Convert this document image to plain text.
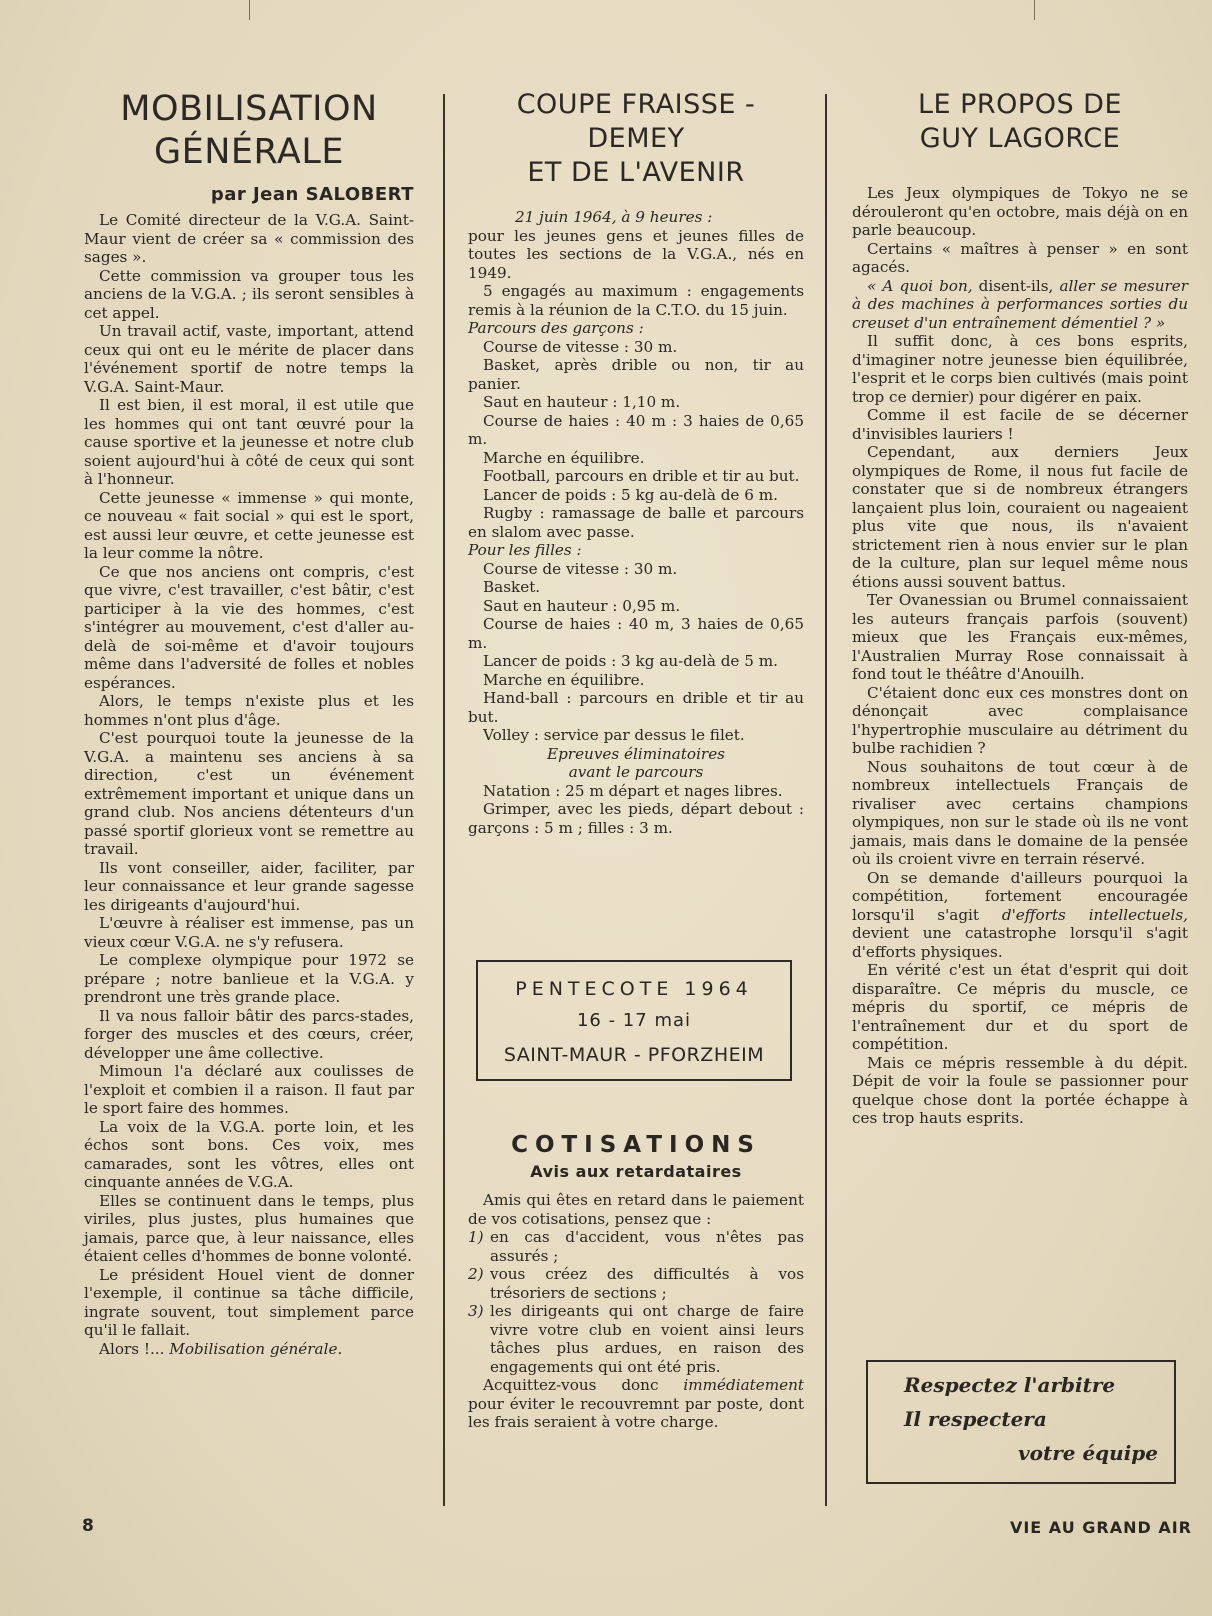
MOBILISATION
GÉNÉRALE
par Jean SALOBERT

Le Comité directeur de la V.G.A. Saint-Maur vient de créer sa « commission des sages ».

Cette commission va grouper tous les anciens de la V.G.A. ; ils seront sensibles à cet appel.

Un travail actif, vaste, important, attend ceux qui ont eu le mérite de placer dans l'événement sportif de notre temps la V.G.A. Saint-Maur.

Il est bien, il est moral, il est utile que les hommes qui ont tant œuvré pour la cause sportive et la jeunesse et notre club soient aujourd'hui à côté de ceux qui sont à l'honneur.

Cette jeunesse « immense » qui monte, ce nouveau « fait social » qui est le sport, est aussi leur œuvre, et cette jeunesse est la leur comme la nôtre.

Ce que nos anciens ont compris, c'est que vivre, c'est travailler, c'est bâtir, c'est participer à la vie des hommes, c'est s'intégrer au mouvement, c'est d'aller au-delà de soi-même et d'avoir toujours même dans l'adversité de folles et nobles espérances.

Alors, le temps n'existe plus et les hommes n'ont plus d'âge.

C'est pourquoi toute la jeunesse de la V.G.A. a maintenu ses anciens à sa direction, c'est un événement extrêmement important et unique dans un grand club. Nos anciens détenteurs d'un passé sportif glorieux vont se remettre au travail.

Ils vont conseiller, aider, faciliter, par leur connaissance et leur grande sagesse les dirigeants d'aujourd'hui.

L'œuvre à réaliser est immense, pas un vieux cœur V.G.A. ne s'y refusera.

Le complexe olympique pour 1972 se prépare ; notre banlieue et la V.G.A. y prendront une très grande place.

Il va nous falloir bâtir des parcs-stades, forger des muscles et des cœurs, créer, développer une âme collective.

Mimoun l'a déclaré aux coulisses de l'exploit et combien il a raison. Il faut par le sport faire des hommes.

La voix de la V.G.A. porte loin, et les échos sont bons. Ces voix, mes camarades, sont les vôtres, elles ont cinquante années de V.G.A.

Elles se continuent dans le temps, plus viriles, plus justes, plus humaines que jamais, parce que, à leur naissance, elles étaient celles d'hommes de bonne volonté.

Le président Houel vient de donner l'exemple, il continue sa tâche difficile, ingrate souvent, tout simplement parce qu'il le fallait.

Alors !... Mobilisation générale.

COUPE FRAISSE - DEMEY
ET DE L'AVENIR

21 juin 1964, à 9 heures :

pour les jeunes gens et jeunes filles de toutes les sections de la V.G.A., nés en 1949.

5 engagés au maximum : engagements remis à la réunion de la C.T.O. du 15 juin.

Parcours des garçons :

Course de vitesse : 30 m.

Basket, après drible ou non, tir au panier.

Saut en hauteur : 1,10 m.

Course de haies : 40 m : 3 haies de 0,65 m.

Marche en équilibre.

Football, parcours en drible et tir au but.

Lancer de poids : 5 kg au-delà de 6 m.

Rugby : ramassage de balle et parcours en slalom avec passe.

Pour les filles :

Course de vitesse : 30 m.

Basket.

Saut en hauteur : 0,95 m.

Course de haies : 40 m, 3 haies de 0,65 m.

Lancer de poids : 3 kg au-delà de 5 m.

Marche en équilibre.

Hand-ball : parcours en drible et tir au but.

Volley : service par dessus le filet.

Epreuves éliminatoires

avant le parcours

Natation : 25 m départ et nages libres.

Grimper, avec les pieds, départ debout : garçons : 5 m ; filles : 3 m.

PENTECOTE 1964
16 - 17 mai
SAINT-MAUR - PFORZHEIM
COTISATIONS
Avis aux retardataires

Amis qui êtes en retard dans le paiement de vos cotisations, pensez que :

1) en cas d'accident, vous n'êtes pas assurés ;
2) vous créez des difficultés à vos trésoriers de sections ;
3) les dirigeants qui ont charge de faire vivre votre club en voient ainsi leurs tâches plus ardues, en raison des engagements qui ont été pris.

Acquittez-vous donc immédiatement pour éviter le recouvremnt par poste, dont les frais seraient à votre charge.

LE PROPOS DE
GUY LAGORCE

Les Jeux olympiques de Tokyo ne se dérouleront qu'en octobre, mais déjà on en parle beaucoup.

Certains « maîtres à penser » en sont agacés.

« A quoi bon, disent-ils, aller se mesurer à des machines à performances sorties du creuset d'un entraînement démentiel ? »

Il suffit donc, à ces bons esprits, d'imaginer notre jeunesse bien équilibrée, l'esprit et le corps bien cultivés (mais point trop ce dernier) pour digérer en paix.

Comme il est facile de se décerner d'invisibles lauriers !

Cependant, aux derniers Jeux olympiques de Rome, il nous fut facile de constater que si de nombreux étrangers lançaient plus loin, couraient ou nageaient plus vite que nous, ils n'avaient strictement rien à nous envier sur le plan de la culture, plan sur lequel même nous étions aussi souvent battus.

Ter Ovanessian ou Brumel connaissaient les auteurs français parfois (souvent) mieux que les Français eux-mêmes, l'Australien Murray Rose connaissait à fond tout le théâtre d'Anouilh.

C'étaient donc eux ces monstres dont on dénonçait avec complaisance l'hypertrophie musculaire au détriment du bulbe rachidien ?

Nous souhaitons de tout cœur à de nombreux intellectuels Français de rivaliser avec certains champions olympiques, non sur le stade où ils ne vont jamais, mais dans le domaine de la pensée où ils croient vivre en terrain réservé.

On se demande d'ailleurs pourquoi la compétition, fortement encouragée lorsqu'il s'agit d'efforts intellectuels, devient une catastrophe lorsqu'il s'agit d'efforts physiques.

En vérité c'est un état d'esprit qui doit disparaître. Ce mépris du muscle, ce mépris du sportif, ce mépris de l'entraînement dur et du sport de compétition.

Mais ce mépris ressemble à du dépit. Dépit de voir la foule se passionner pour quelque chose dont la portée échappe à ces trop hauts esprits.

Respectez l'arbitre
Il respectera
votre équipe
8	VIE AU GRAND AIR
